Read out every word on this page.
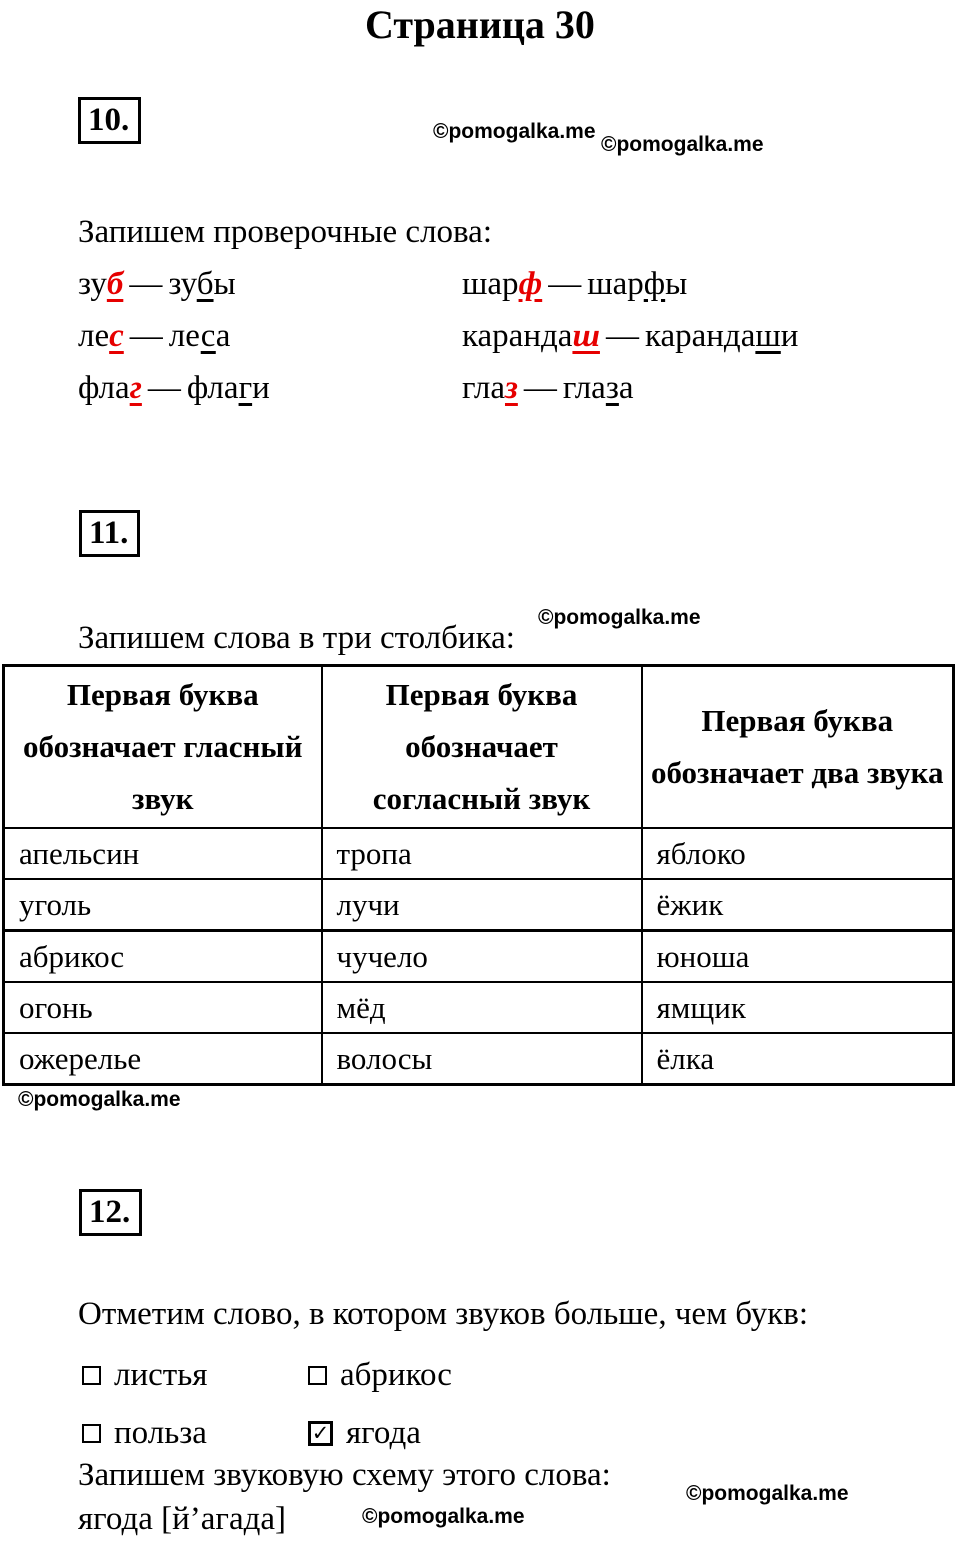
Страница 30
©pomogalka.me
©pomogalka.me
10.
Запишем проверочные слова:
зуб — зубы	шарф — шарфы
лес — леса	карандаш — карандаши
флаг — флаги	глаз — глаза
11.
©pomogalka.me
Запишем слова в три столбика:
Первая буква обозначает гласный звук	Первая буква обозначает согласный звук	Первая буква обозначает два звука
апельсин	тропа	яблоко
уголь	лучи	ёжик
абрикос	чучело	юноша
огонь	мёд	ямщик
ожерелье	волосы	ёлка
©pomogalka.me
12.
Отметим слово, в котором звуков больше, чем букв:
листья	абрикос
польза	✓ ягода
Запишем звуковую схему этого слова:
©pomogalka.me
ягода [й’агада]	©pomogalka.me
